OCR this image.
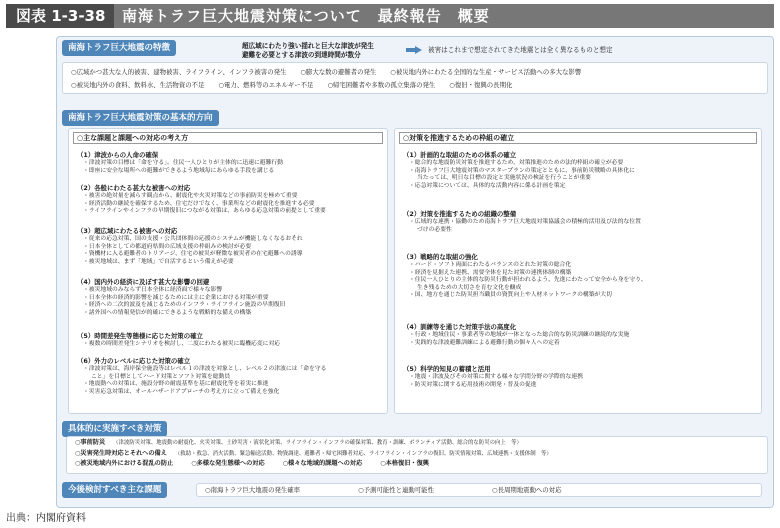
図表 1-3-38	南海トラフ巨大地震対策について　最終報告　概要
南海トラフ巨大地震の特徴	超広域にわたり強い揺れと巨大な津波が発生
避難を必要とする津波の到達時間が数分
被害はこれまで想定されてきた地震とは全く異なるものと想定
○広域かつ甚大な人的被害、建物被害、ライフライン、インフラ被害の発生 ○膨大な数の避難者の発生 ○被災地内外にわたる全国的な生産・サービス活動への多大な影響
○被災地内外の食料、飲料水、生活物資の不足 ○電力、燃料等のエネルギー不足 ○帰宅困難者や多数の孤立集落の発生 ○復旧・復興の長期化
南海トラフ巨大地震対策の基本的方向
○主な課題と課題への対応の考え方
（1）津波からの人命の確保
・津波対策の目標は「命を守る」。住民一人ひとりが主体的に迅速に避難行動
・即座に安全な場所への避難ができるよう地域毎にあらゆる手段を講じる
（2）各般にわたる甚大な被害への対応
・被害の絶対量を減らす観点から、耐震化や火災対策などの事前防災を極めて重要
・経済活動の継続を確保するため、住宅だけでなく、事業所などの耐震化を推進する必要
・ライフラインやインフラの早期復旧につながる対策は、あらゆる応急対策の前提として重要
（3）超広域にわたる被害への対応
・従来の応急対策、国の支援・公共団体間の応援のシステムが機能しなくなるおそれ
・日本全体としての都道府県間の広域支援の枠組みの検討が必要
・資機材に入る避難者のトリアージ、住宅の被災が軽微な被災者の在宅避難への誘導
・被災地域は、まず「地域」で自活するという備えが必要
（4）国内外の経済に及ぼす甚大な影響の回避
・被災地域のみならず日本全体に経済面で様々な影響
・日本全体の経済的影響を減じるためには主に企業における対策が重要
・経済への二次的波及を減じるためのインフラ・ライフライン施設の早期復旧
・諸外国への情報発信が的確にできるような戦略的な備えの構築
（5）時間差発生等態様に応じた対策の確立
・複数の時間差発生シナリオを検討し、二度にわたる被災に臨機応変に対応
（6）外力のレベルに応じた対策の確立
・津波対策は、海岸保全施設等はレベル１の津波を対象とし、レベル２の津波には「命を守る
こと」を目標としてハード対策とソフト対策を総動員
・地震動への対策は、施設分野の耐震基準を基に耐震化等を着実に推進
・災害応急対策は、オールハザードアプローチの考え方に立って備えを強化
○対策を推進するための枠組の確立
（1）計画的な取組のための体系の確立
・総合的な地震防災対策を推進するため、対策推進のための法的枠組の確立が必要
・南海トラフ巨大地震対策のマスタープランの策定とともに、事前防災戦略の具体化に
当たっては、明日な目標の設定と実施状況の検証を行うことが重要
・応急対策については、具体的な活動内容に係る計画を策定
（2）対策を推進するための組織の整備
・広域的な連携・協働のため南海トラフ巨大地震対策協議会の積極的活用及び法的な位置
づけの必要性
（3）戦略的な取組の強化
・ハード・ソフト両面にわたるバランスのとれた対策の総合化
・経済を見据えた連携、需要全体を見た対策の連携体制の構築
・住民一人ひとりの主体的な防災行動が担われるよう、先進にわたって安全から身を守り、
生き残るための大切さを育む文化を醸成
・国、地方を通じた防災担当職員の資質向上や人材ネットワークの構築が大切
（4）訓練等を通じた対策手法の高度化
・行政・地域住民・事業者等の地域が一体となった総合的な防災訓練の継続的な実施
・実践的な津波避難訓練による避難行動の個々人への定着
（5）科学的知見の蓄積と活用
・地震・津波及びその対策に関する様々な学問分野の学際的な連携
・防災対策に関する応用技術の開発・普及の促進
具体的に実施すべき対策
○事前防災 （津波防災対策、地震動の耐震化、火災対策、土砂災害・液状化対策、ライフライン・インフラの確保対策、教育・訓練、ボランティア活動、総合的な防災の向上　等）
○災害発生時対応とそれへの備え （救助・救急、消火活動、緊急輸送活動、物資調達、避難者・帰宅困難者対応、ライフライン・インフラの復旧、防災情報対策、広域連携・支援体制　等）
○被災地域内外における混乱の防止	○多様な発生態様への対応	○様々な地域的課題への対応	○本格復旧・復興
今後検討すべき主な課題	○南海トラフ巨大地震の発生確率	○予測可能性と連動可能性	○長周期地震動への対応
出典：内閣府資料
